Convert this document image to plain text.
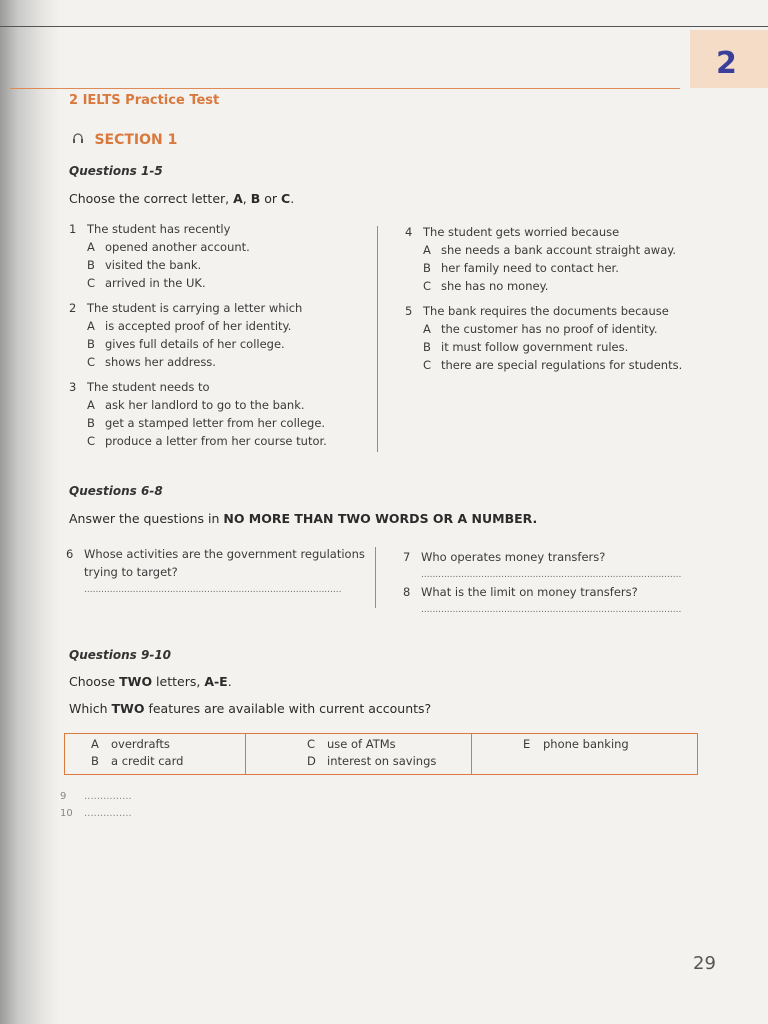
2
2 IELTS Practice Test
SECTION 1
Questions 1-5
Choose the correct letter, A, B or C.
1 The student has recently
A opened another account.
B visited the bank.
C arrived in the UK.
2 The student is carrying a letter which
A is accepted proof of her identity.
B gives full details of her college.
C shows her address.
3 The student needs to
A ask her landlord to go to the bank.
B get a stamped letter from her college.
C produce a letter from her course tutor.
4 The student gets worried because
A she needs a bank account straight away.
B her family need to contact her.
C she has no money.
5 The bank requires the documents because
A the customer has no proof of identity.
B it must follow government rules.
C there are special regulations for students.
Questions 6-8
Answer the questions in NO MORE THAN TWO WORDS OR A NUMBER.
6 Whose activities are the government regulations
trying to target?
..........................................................................................
7 Who operates money transfers?
...........................................................................................
8 What is the limit on money transfers?
...........................................................................................
Questions 9-10
Choose TWO letters, A-E.
Which TWO features are available with current accounts?
A overdrafts
B a credit card
C use of ATMs
D interest on savings
E phone banking
9 ...............
10 ...............
29
